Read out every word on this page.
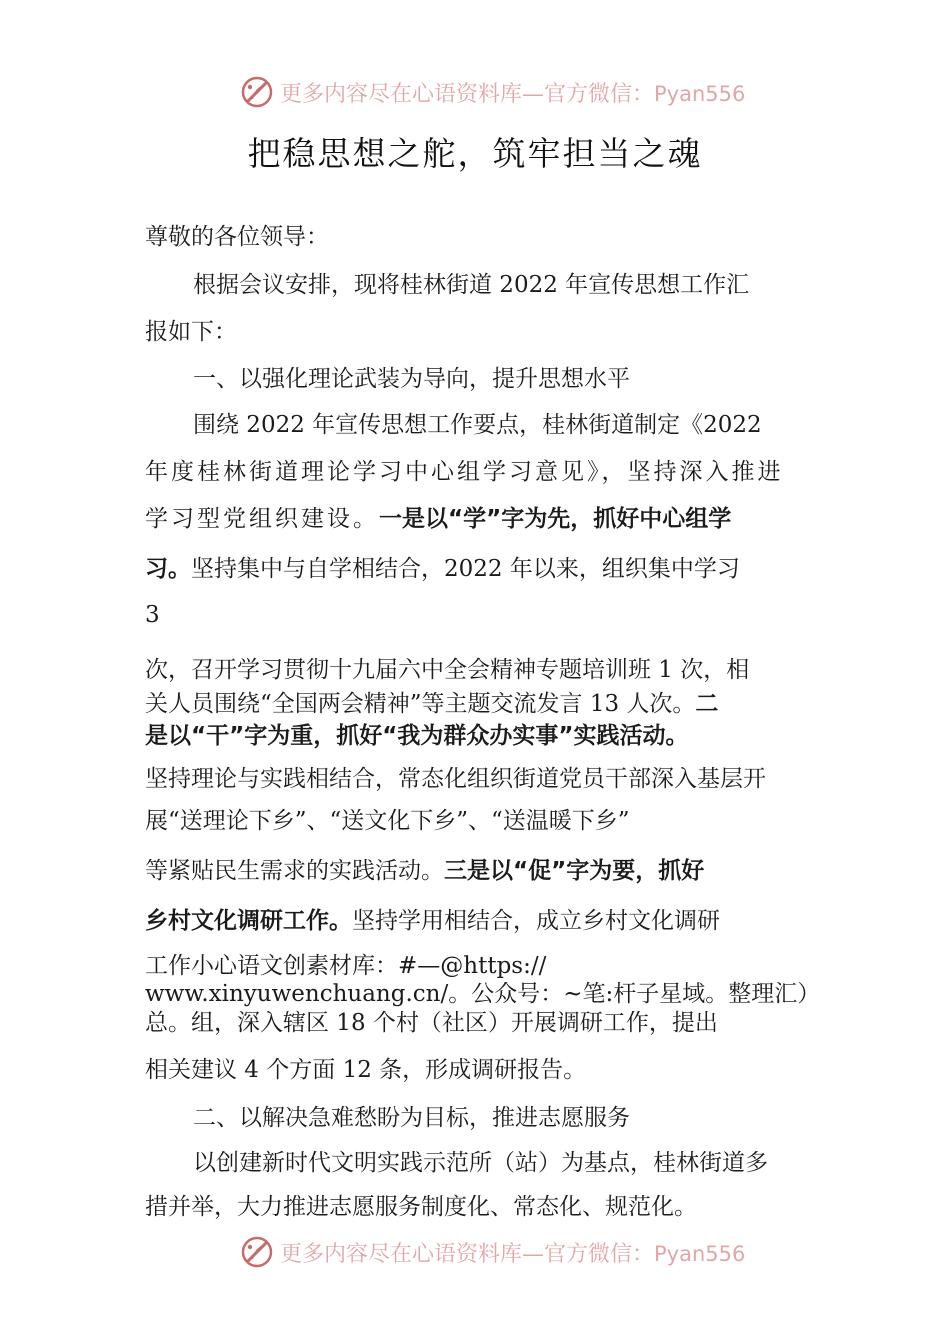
更多内容尽在心语资料库—官方微信：Pyan556
把稳思想之舵，筑牢担当之魂
尊敬的各位领导：
根据会议安排，现将桂林街道 2022 年宣传思想工作汇
报如下：
一、以强化理论武装为导向，提升思想水平
围绕 2022 年宣传思想工作要点，桂林街道制定《2022
年度桂林街道理论学习中心组学习意见》，坚持深入推进
学习型党组织建设。一是以“学”字为先，抓好中心组学
习。坚持集中与自学相结合，2022 年以来，组织集中学习
3
次，召开学习贯彻十九届六中全会精神专题培训班 1 次，相
关人员围绕“全国两会精神”等主题交流发言 13 人次。二
是以“干”字为重，抓好“我为群众办实事”实践活动。
坚持理论与实践相结合，常态化组织街道党员干部深入基层开
展“送理论下乡”、“送文化下乡”、“送温暖下乡”
等紧贴民生需求的实践活动。三是以“促”字为要，抓好
乡村文化调研工作。坚持学用相结合，成立乡村文化调研
工作小心语文创素材库：#—@https://
www.xinyuwenchuang.cn/。公众号：~笔:杆子星域。整理汇）
总。组，深入辖区 18 个村（社区）开展调研工作，提出
相关建议 4 个方面 12 条，形成调研报告。
二、以解决急难愁盼为目标，推进志愿服务
以创建新时代文明实践示范所（站）为基点，桂林街道多
措并举，大力推进志愿服务制度化、常态化、规范化。
更多内容尽在心语资料库—官方微信：Pyan556
